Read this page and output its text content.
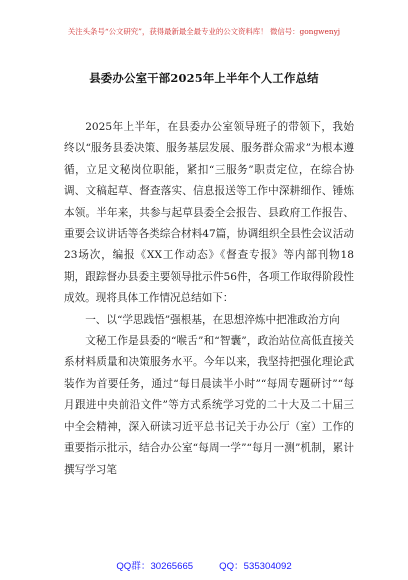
关注头条号“公文研究”，获得最新最全最专业的公文资料库！ 微信号：gongwenyj
县委办公室干部2025年上半年个人工作总结

2025年上半年，在县委办公室领导班子的带领下，我始终以“服务县委决策、服务基层发展、服务群众需求”为根本遵循，立足文秘岗位职能，紧扣“三服务”职责定位，在综合协调、文稿起草、督查落实、信息报送等工作中深耕细作、锤炼本领。半年来，共参与起草县委全会报告、县政府工作报告、重要会议讲话等各类综合材料47篇，协调组织全县性会议活动23场次，编报《XX工作动态》《督查专报》等内部刊物18期，跟踪督办县委主要领导批示件56件，各项工作取得阶段性成效。现将具体工作情况总结如下：

一、以“学思践悟”强根基，在思想淬炼中把准政治方向

文秘工作是县委的“喉舌”和“智囊”，政治站位高低直接关系材料质量和决策服务水平。今年以来，我坚持把强化理论武装作为首要任务，通过“每日晨读半小时”“每周专题研讨”“每月跟进中央前沿文件”等方式系统学习党的二十大及二十届三中全会精神，深入研读习近平总书记关于办公厅（室）工作的重要指示批示，结合办公室“每周一学”“每月一测”机制，累计撰写学习笔

QQ群：30265665	QQ：535304092
